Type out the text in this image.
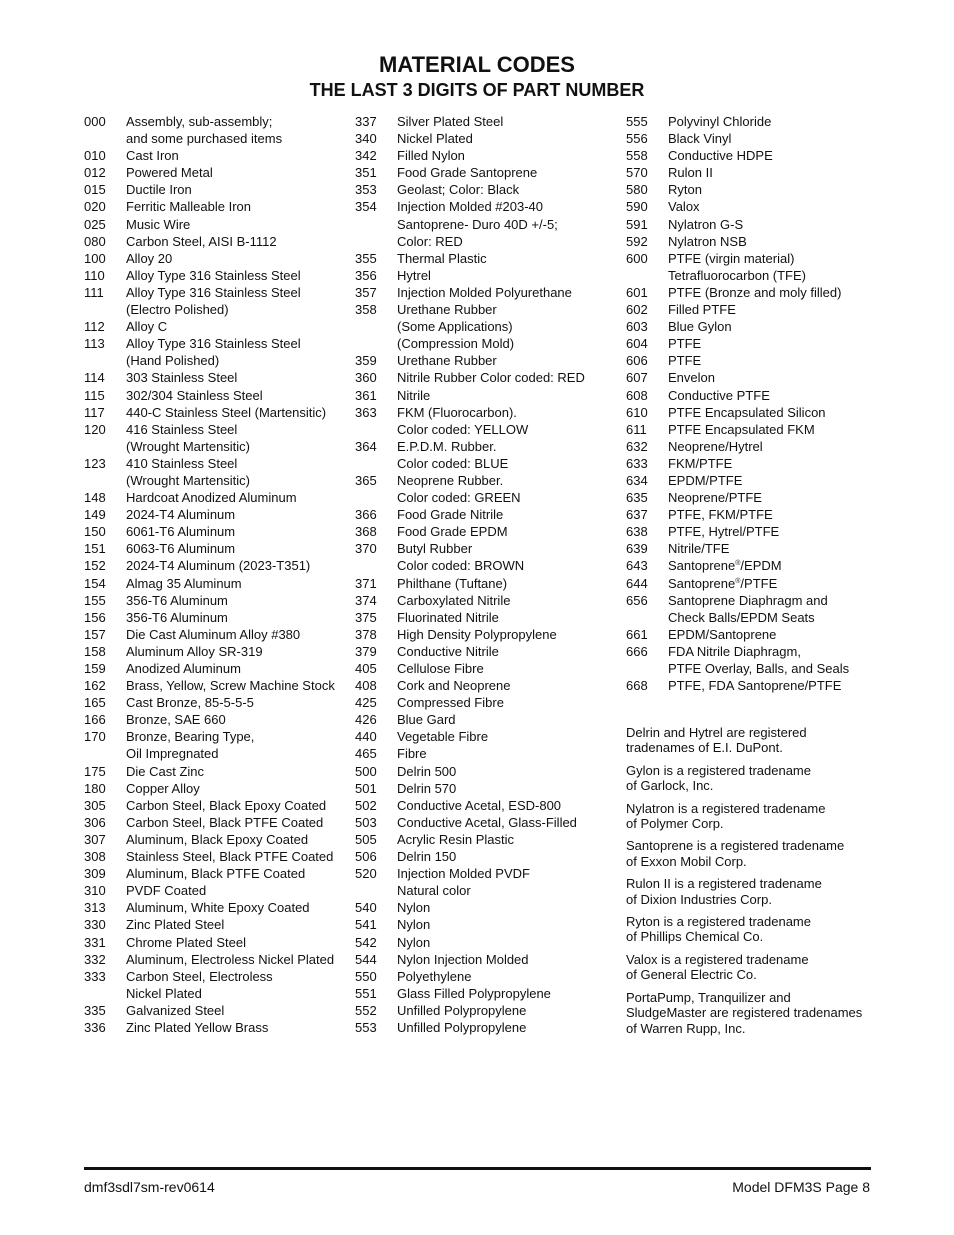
MATERIAL CODES
THE LAST 3 DIGITS OF PART NUMBER
000	Assembly, sub-assembly;
and some purchased items
010	Cast Iron
012	Powered Metal
015	Ductile Iron
020	Ferritic Malleable Iron
025	Music Wire
080	Carbon Steel, AISI B-1112
100	Alloy 20
110	Alloy Type 316 Stainless Steel
111	Alloy Type 316 Stainless Steel
(Electro Polished)
112	Alloy C
113	Alloy Type 316 Stainless Steel
(Hand Polished)
114	303 Stainless Steel
115	302/304 Stainless Steel
117	440-C Stainless Steel (Martensitic)
120	416 Stainless Steel
(Wrought Martensitic)
123	410 Stainless Steel
(Wrought Martensitic)
148	Hardcoat Anodized Aluminum
149	2024-T4 Aluminum
150	6061-T6 Aluminum
151	6063-T6 Aluminum
152	2024-T4 Aluminum (2023-T351)
154	Almag 35 Aluminum
155	356-T6 Aluminum
156	356-T6 Aluminum
157	Die Cast Aluminum Alloy #380
158	Aluminum Alloy SR-319
159	Anodized Aluminum
162	Brass, Yellow, Screw Machine Stock
165	Cast Bronze, 85-5-5-5
166	Bronze, SAE 660
170	Bronze, Bearing Type,
Oil Impregnated
175	Die Cast Zinc
180	Copper Alloy
305	Carbon Steel, Black Epoxy Coated
306	Carbon Steel, Black PTFE Coated
307	Aluminum, Black Epoxy Coated
308	Stainless Steel, Black PTFE Coated
309	Aluminum, Black PTFE Coated
310	PVDF Coated
313	Aluminum, White Epoxy Coated
330	Zinc Plated Steel
331	Chrome Plated Steel
332	Aluminum, Electroless Nickel Plated
333	Carbon Steel, Electroless
Nickel Plated
335	Galvanized Steel
336	Zinc Plated Yellow Brass
337	Silver Plated Steel
340	Nickel Plated
342	Filled Nylon
351	Food Grade Santoprene
353	Geolast; Color: Black
354	Injection Molded #203-40
Santoprene- Duro 40D +/-5;
Color: RED
355	Thermal Plastic
356	Hytrel
357	Injection Molded Polyurethane
358	Urethane Rubber
(Some Applications)
(Compression Mold)
359	Urethane Rubber
360	Nitrile Rubber Color coded: RED
361	Nitrile
363	FKM (Fluorocarbon).
Color coded: YELLOW
364	E.P.D.M. Rubber.
Color coded: BLUE
365	Neoprene Rubber.
Color coded: GREEN
366	Food Grade Nitrile
368	Food Grade EPDM
370	Butyl Rubber
Color coded: BROWN
371	Philthane (Tuftane)
374	Carboxylated Nitrile
375	Fluorinated Nitrile
378	High Density Polypropylene
379	Conductive Nitrile
405	Cellulose Fibre
408	Cork and Neoprene
425	Compressed Fibre
426	Blue Gard
440	Vegetable Fibre
465	Fibre
500	Delrin 500
501	Delrin 570
502	Conductive Acetal, ESD-800
503	Conductive Acetal, Glass-Filled
505	Acrylic Resin Plastic
506	Delrin 150
520	Injection Molded PVDF
Natural color
540	Nylon
541	Nylon
542	Nylon
544	Nylon Injection Molded
550	Polyethylene
551	Glass Filled Polypropylene
552	Unfilled Polypropylene
553	Unfilled Polypropylene
555	Polyvinyl Chloride
556	Black Vinyl
558	Conductive HDPE
570	Rulon II
580	Ryton
590	Valox
591	Nylatron G-S
592	Nylatron NSB
600	PTFE (virgin material)
Tetrafluorocarbon (TFE)
601	PTFE (Bronze and moly filled)
602	Filled PTFE
603	Blue Gylon
604	PTFE
606	PTFE
607	Envelon
608	Conductive PTFE
610	PTFE Encapsulated Silicon
611	PTFE Encapsulated FKM
632	Neoprene/Hytrel
633	FKM/PTFE
634	EPDM/PTFE
635	Neoprene/PTFE
637	PTFE, FKM/PTFE
638	PTFE, Hytrel/PTFE
639	Nitrile/TFE
643	Santoprene®/EPDM
644	Santoprene®/PTFE
656	Santoprene Diaphragm and
Check Balls/EPDM Seats
661	EPDM/Santoprene
666	FDA Nitrile Diaphragm,
PTFE Overlay, Balls, and Seals
668	PTFE, FDA Santoprene/PTFE
Delrin and Hytrel are registered
tradenames of E.I. DuPont.
Gylon is a registered tradename
of Garlock, Inc.
Nylatron is a registered tradename
of Polymer Corp.
Santoprene is a registered tradename
of Exxon Mobil Corp.
Rulon II is a registered tradename
of Dixion Industries Corp.
Ryton is a registered tradename
of Phillips Chemical Co.
Valox is a registered tradename
of General Electric Co.
PortaPump, Tranquilizer and
SludgeMaster are registered tradenames
of Warren Rupp, Inc.
dmf3sdl7sm-rev0614	Model DFM3S Page 8
